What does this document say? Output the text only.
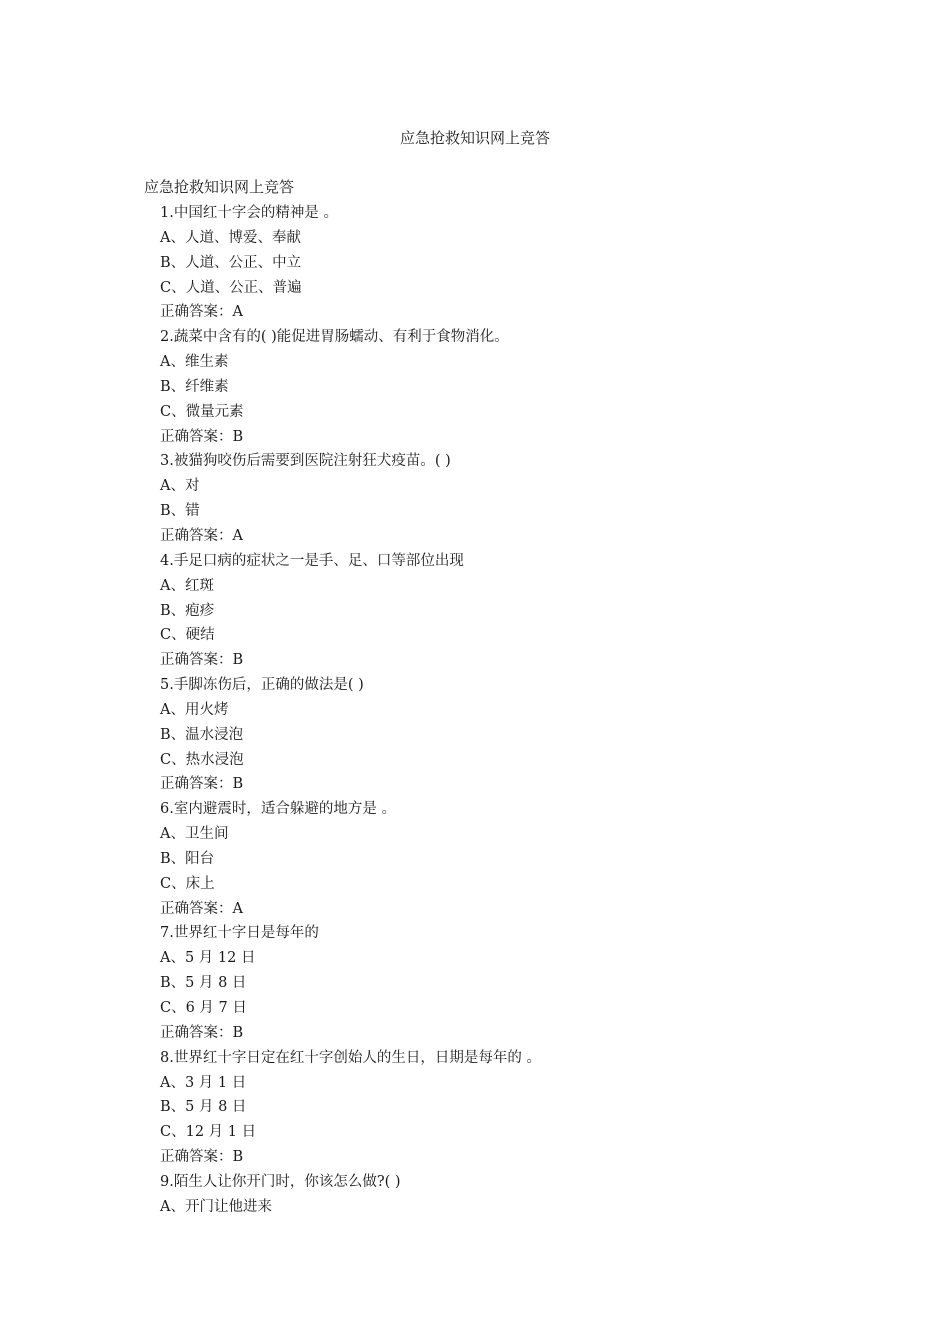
应急抢救知识网上竞答
应急抢救知识网上竞答
1.中国红十字会的精神是 。
A、人道、博爱、奉献
B、人道、公正、中立
C、人道、公正、普遍
正确答案：A
2.蔬菜中含有的( )能促进胃肠蠕动、有利于食物消化。
A、维生素
B、纤维素
C、微量元素
正确答案：B
3.被猫狗咬伤后需要到医院注射狂犬疫苗。( )
A、对
B、错
正确答案：A
4.手足口病的症状之一是手、足、口等部位出现
A、红斑
B、疱疹
C、硬结
正确答案：B
5.手脚冻伤后，正确的做法是( )
A、用火烤
B、温水浸泡
C、热水浸泡
正确答案：B
6.室内避震时，适合躲避的地方是 。
A、卫生间
B、阳台
C、床上
正确答案：A
7.世界红十字日是每年的
A、5 月 12 日
B、5 月 8 日
C、6 月 7 日
正确答案：B
8.世界红十字日定在红十字创始人的生日，日期是每年的 。
A、3 月 1 日
B、5 月 8 日
C、12 月 1 日
正确答案：B
9.陌生人让你开门时，你该怎么做?( )
A、开门让他进来
